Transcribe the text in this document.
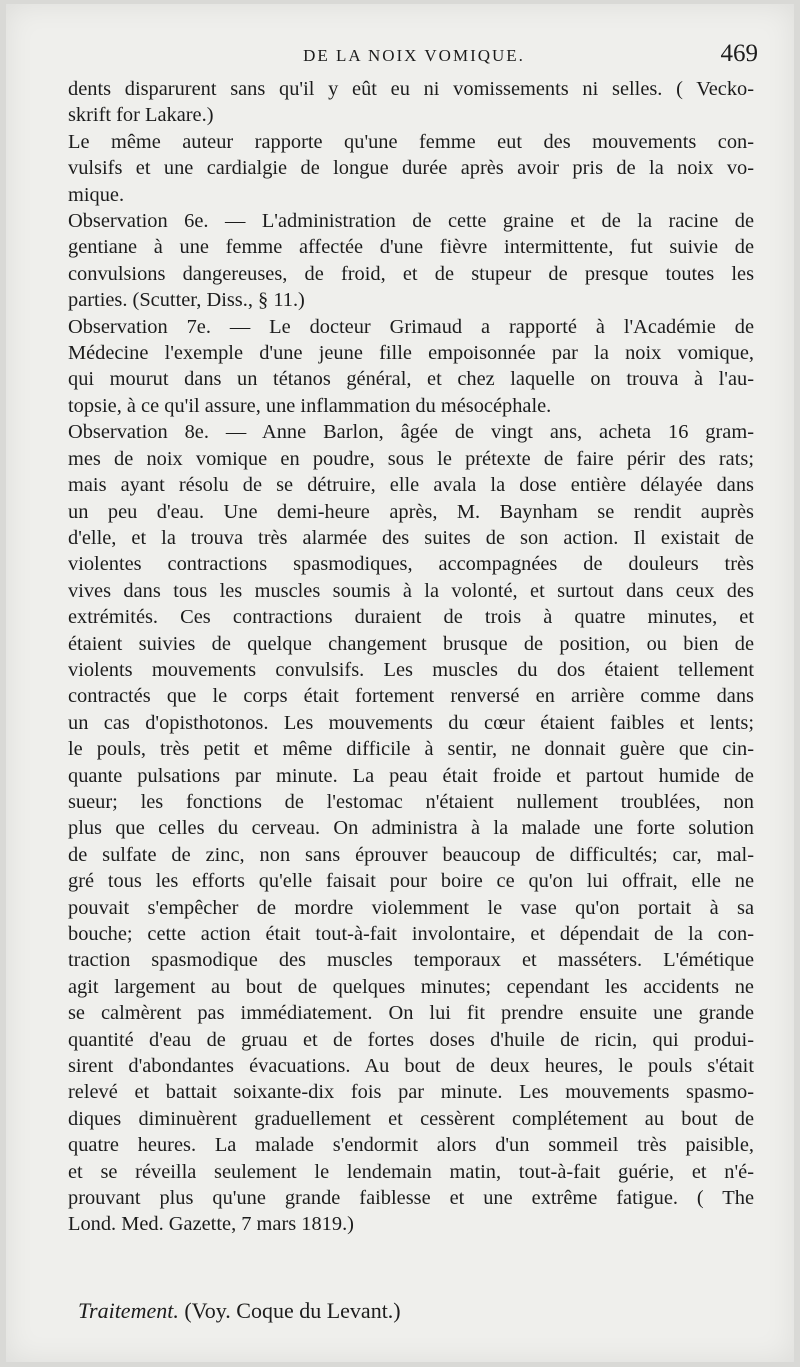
DE LA NOIX VOMIQUE.	469
dents disparurent sans qu'il y eût eu ni vomissements ni selles. ( Vecko-
skrift for Lakare.)
Le même auteur rapporte qu'une femme eut des mouvements con-
vulsifs et une cardialgie de longue durée après avoir pris de la noix vo-
mique.
Observation 6e. — L'administration de cette graine et de la racine de
gentiane à une femme affectée d'une fièvre intermittente, fut suivie de
convulsions dangereuses, de froid, et de stupeur de presque toutes les
parties. (Scutter, Diss., § 11.)
Observation 7e. — Le docteur Grimaud a rapporté à l'Académie de
Médecine l'exemple d'une jeune fille empoisonnée par la noix vomique,
qui mourut dans un tétanos général, et chez laquelle on trouva à l'au-
topsie, à ce qu'il assure, une inflammation du mésocéphale.
Observation 8e. — Anne Barlon, âgée de vingt ans, acheta 16 gram-
mes de noix vomique en poudre, sous le prétexte de faire périr des rats;
mais ayant résolu de se détruire, elle avala la dose entière délayée dans
un peu d'eau. Une demi-heure après, M. Baynham se rendit auprès
d'elle, et la trouva très alarmée des suites de son action. Il existait de
violentes contractions spasmodiques, accompagnées de douleurs très
vives dans tous les muscles soumis à la volonté, et surtout dans ceux des
extrémités. Ces contractions duraient de trois à quatre minutes, et
étaient suivies de quelque changement brusque de position, ou bien de
violents mouvements convulsifs. Les muscles du dos étaient tellement
contractés que le corps était fortement renversé en arrière comme dans
un cas d'opisthotonos. Les mouvements du cœur étaient faibles et lents;
le pouls, très petit et même difficile à sentir, ne donnait guère que cin-
quante pulsations par minute. La peau était froide et partout humide de
sueur; les fonctions de l'estomac n'étaient nullement troublées, non
plus que celles du cerveau. On administra à la malade une forte solution
de sulfate de zinc, non sans éprouver beaucoup de difficultés; car, mal-
gré tous les efforts qu'elle faisait pour boire ce qu'on lui offrait, elle ne
pouvait s'empêcher de mordre violemment le vase qu'on portait à sa
bouche; cette action était tout-à-fait involontaire, et dépendait de la con-
traction spasmodique des muscles temporaux et masséters. L'émétique
agit largement au bout de quelques minutes; cependant les accidents ne
se calmèrent pas immédiatement. On lui fit prendre ensuite une grande
quantité d'eau de gruau et de fortes doses d'huile de ricin, qui produi-
sirent d'abondantes évacuations. Au bout de deux heures, le pouls s'était
relevé et battait soixante-dix fois par minute. Les mouvements spasmo-
diques diminuèrent graduellement et cessèrent complétement au bout de
quatre heures. La malade s'endormit alors d'un sommeil très paisible,
et se réveilla seulement le lendemain matin, tout-à-fait guérie, et n'é-
prouvant plus qu'une grande faiblesse et une extrême fatigue. ( The
Lond. Med. Gazette, 7 mars 1819.)
Traitement. (Voy. Coque du Levant.)
